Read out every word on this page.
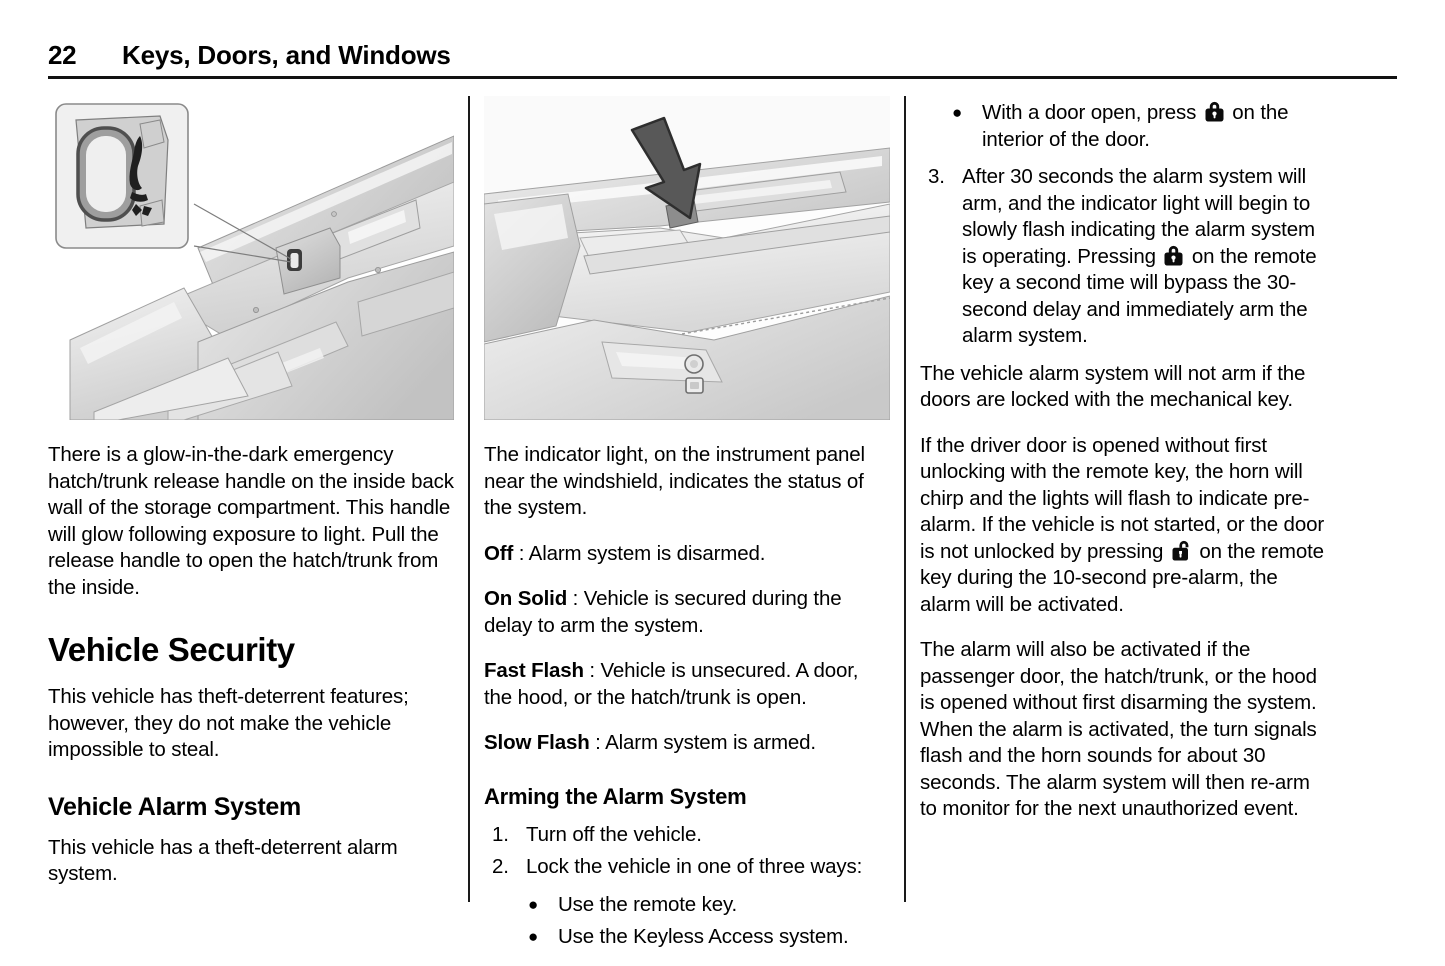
22	Keys, Doors, and Windows

There is a glow-in-the-dark emergency hatch/trunk release handle on the inside back wall of the storage compartment. This handle will glow following exposure to light. Pull the release handle to open the hatch/trunk from the inside.

Vehicle Security

This vehicle has theft-deterrent features; however, they do not make the vehicle impossible to steal.

Vehicle Alarm System

This vehicle has a theft-deterrent alarm system.

The indicator light, on the instrument panel near the windshield, indicates the status of the system.

Off : Alarm system is disarmed.

On Solid : Vehicle is secured during the delay to arm the system.

Fast Flash : Vehicle is unsecured. A door, the hood, or the hatch/trunk is open.

Slow Flash : Alarm system is armed.

Arming the Alarm System
1. Turn off the vehicle.
2. Lock the vehicle in one of three ways:
● Use the remote key.
● Use the Keyless Access system.
● With a door open, press
on the interior of the door.
3. After 30 seconds the alarm system will arm, and the indicator light will begin to slowly flash indicating the alarm system is operating. Pressing
on the remote key a second time will bypass the 30-second delay and immediately arm the alarm system.

The vehicle alarm system will not arm if the doors are locked with the mechanical key.

If the driver door is opened without first unlocking with the remote key, the horn will chirp and the lights will flash to indicate pre-alarm. If the vehicle is not started, or the door is not unlocked by pressing
on the remote key during the 10-second pre-alarm, the alarm will be activated.

The alarm will also be activated if the passenger door, the hatch/trunk, or the hood is opened without first disarming the system. When the alarm is activated, the turn signals flash and the horn sounds for about 30 seconds. The alarm system will then re-arm to monitor for the next unauthorized event.
